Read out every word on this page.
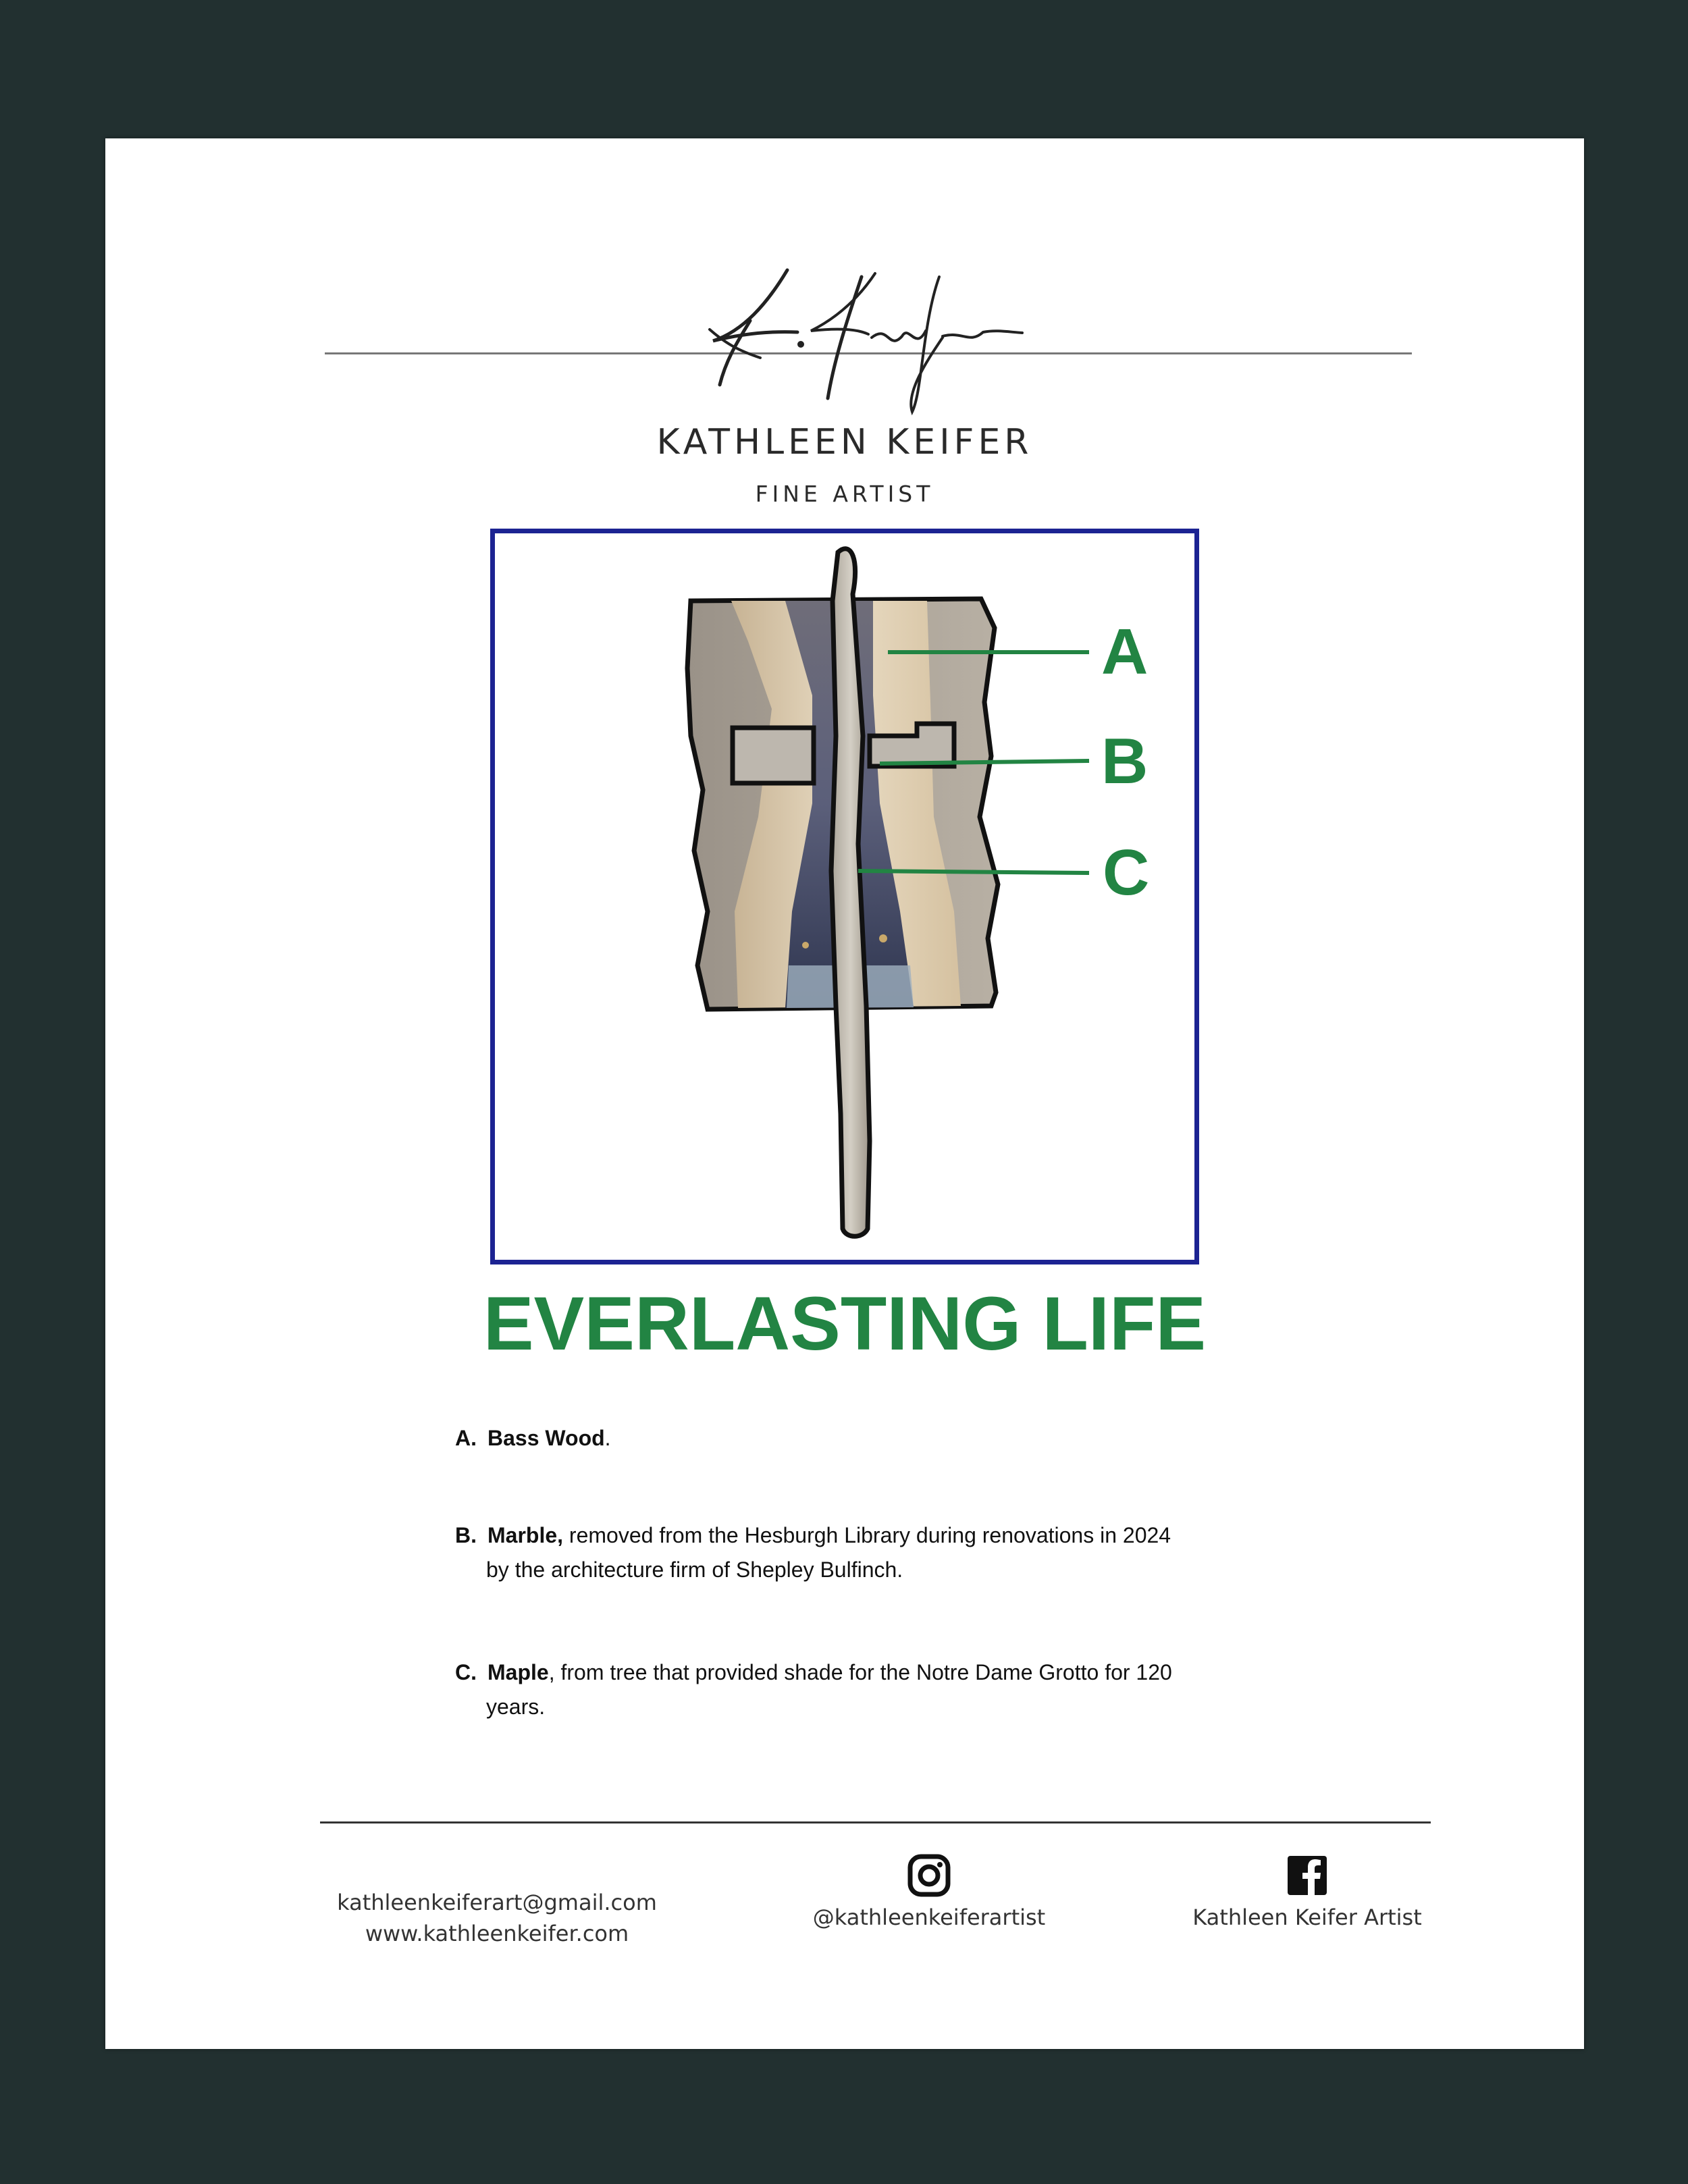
KATHLEEN KEIFER
FINE ARTIST
A
B
C
EVERLASTING LIFE
A. Bass Wood.
B. Marble, removed from the Hesburgh Library during renovations in 2024
by the architecture firm of Shepley Bulfinch.
C. Maple, from tree that provided shade for the Notre Dame Grotto for 120
years.
kathleenkeiferart@gmail.com
www.kathleenkeifer.com
@kathleenkeiferartist	Kathleen Keifer Artist
